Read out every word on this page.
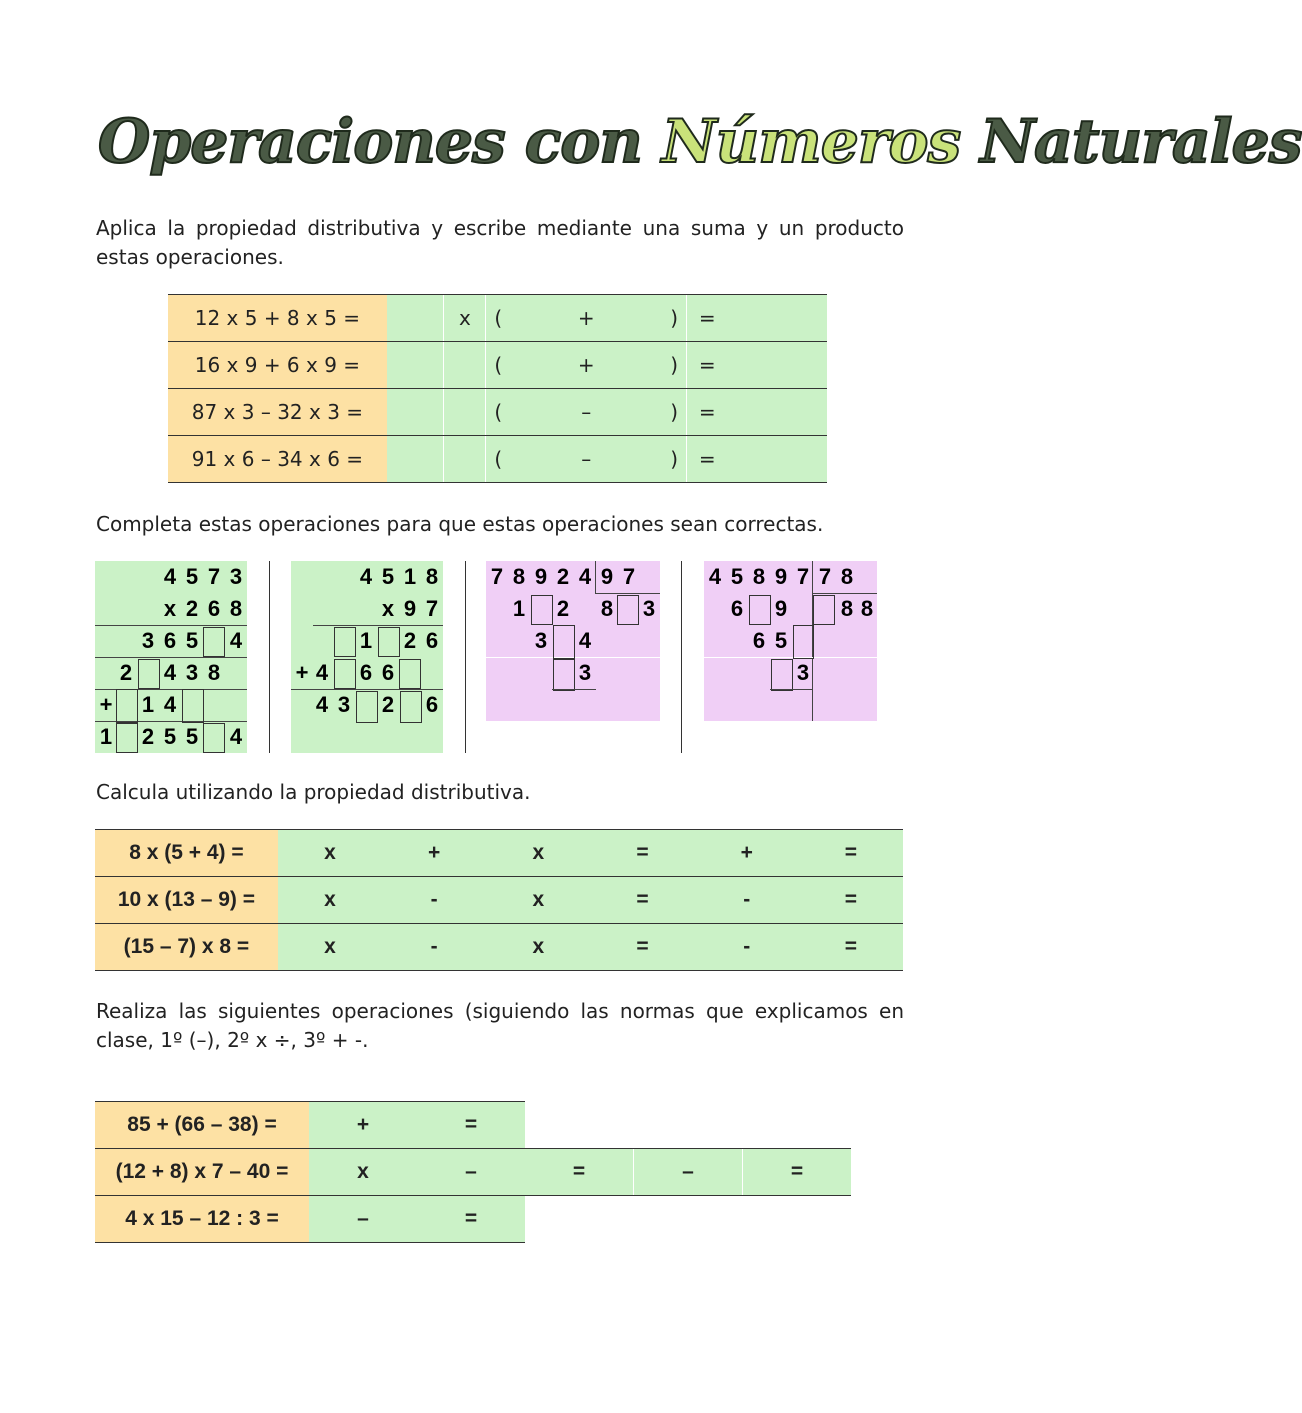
Operaciones con Números Naturales
Aplica la propiedad distributiva y escribe mediante una suma y un producto estas operaciones.
12 x 5 + 8 x 5 =		x	(		+		)	=
16 x 9 + 6 x 9 =			(		+		)	=
87 x 3 – 32 x 3 =			(		–		)	=
91 x 6 – 34 x 6 =			(		–		)	=
Completa estas operaciones para que estas operaciones sean correctas.
4 5 7 3
x 2 6 8
3 6 5 4
2 4 3 8
+ 1 4
1 2 5 5 4
4 5 1 8
x 9 7
1 2 6
+ 4 6 6
4 3 2 6
7 8 9 2 4 9 7
1 2 8 3
3 4
3
4 5 8 9 7 7 8
6 9 8 8
6 5
3
Calcula utilizando la propiedad distributiva.
8 x (5 + 4) =	x	+	x	=	+	=
10 x (13 – 9) =	x	-	x	=	-	=
(15 – 7) x 8 =	x	-	x	=	-	=
Realiza las siguientes operaciones (siguiendo las normas que explicamos en clase, 1º (–), 2º x ÷, 3º + -.
85 + (66 – 38) =	+	=			
(12 + 8) x 7 – 40 =	x	–	=	–	=
4 x 15 – 12 : 3 =	–	=			
